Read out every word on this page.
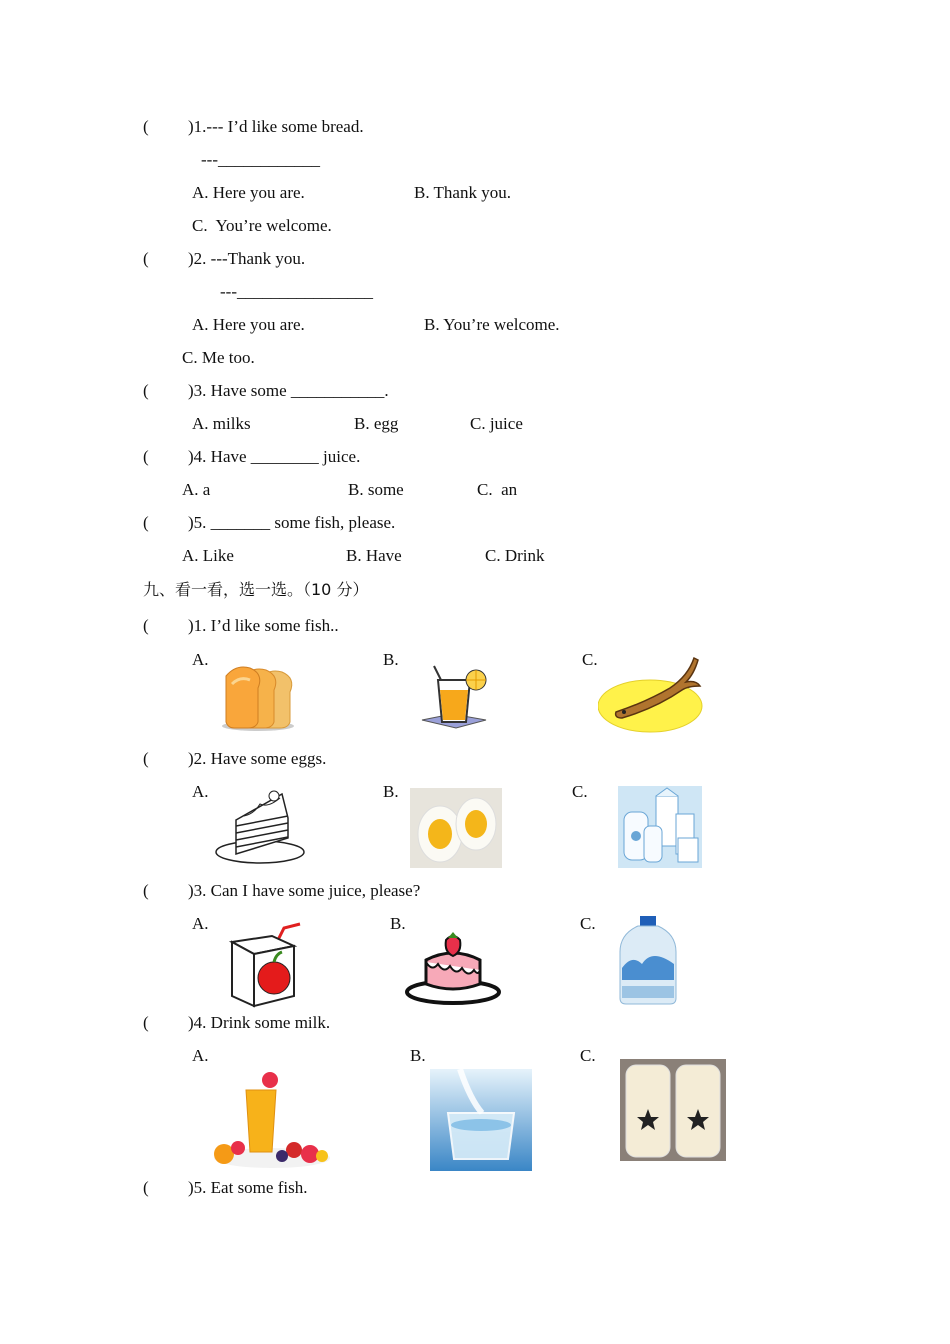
( )1.--- I’d like some bread.
---____________
A. Here you are.	B. Thank you.
C.  You’re welcome.
( )2. ---Thank you.
---________________
A. Here you are.	B. You’re welcome.
C. Me too.
( )3. Have some ___________.
A. milks	B. egg	C. juice
( )4. Have ________ juice.
A. a	B. some	C.  an
( )5. _______ some fish, please.
A. Like	B. Have	C. Drink
九、看一看，选一选。（10 分）
( )1. I’d like some fish..
A.	B.	C.
( )2. Have some eggs.
A.	B.	C.
( )3. Can I have some juice, please?
A.	B.	C.
( )4. Drink some milk.
A.	B.	C.
( )5. Eat some fish.
